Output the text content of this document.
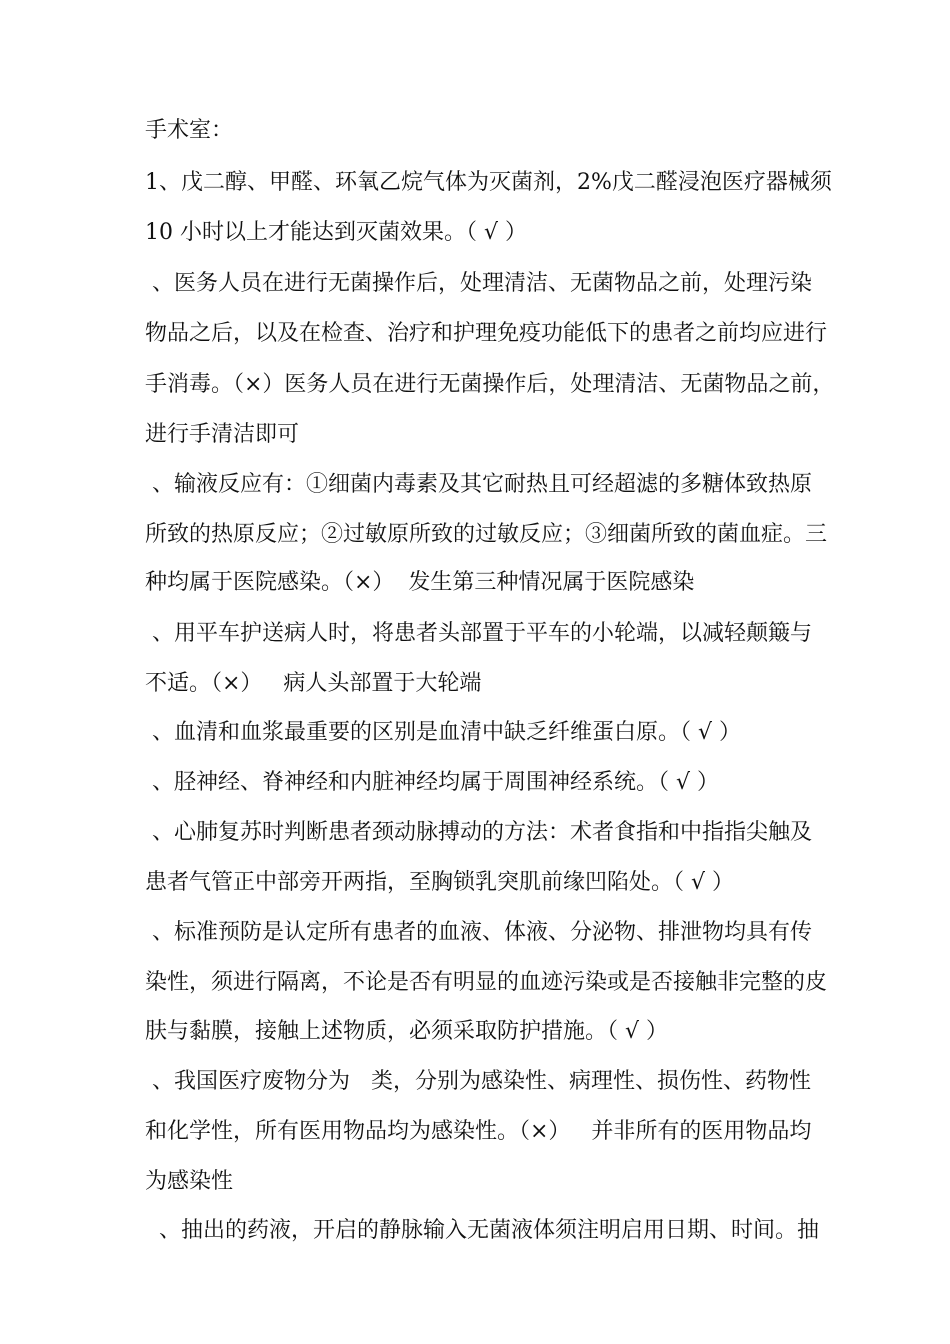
手术室：
1、戊二醇、甲醛、环氧乙烷气体为灭菌剂，2%戊二醛浸泡医疗器械须
10 小时以上才能达到灭菌效果。（ √ ）
、医务人员在进行无菌操作后，处理清洁、无菌物品之前，处理污染
物品之后，以及在检查、治疗和护理免疫功能低下的患者之前均应进行
手消毒。（×）医务人员在进行无菌操作后，处理清洁、无菌物品之前，
进行手清洁即可
、输液反应有：①细菌内毒素及其它耐热且可经超滤的多糖体致热原
所致的热原反应；②过敏原所致的过敏反应；③细菌所致的菌血症。三
种均属于医院感染。（×）  发生第三种情况属于医院感染
、用平车护送病人时，将患者头部置于平车的小轮端，以减轻颠簸与
不适。（×）   病人头部置于大轮端
、血清和血浆最重要的区别是血清中缺乏纤维蛋白原。（ √ ）
、胫神经、脊神经和内脏神经均属于周围神经系统。（ √ ）
、心肺复苏时判断患者颈动脉搏动的方法：术者食指和中指指尖触及
患者气管正中部旁开两指，至胸锁乳突肌前缘凹陷处。（ √ ）
、标准预防是认定所有患者的血液、体液、分泌物、排泄物均具有传
染性，须进行隔离，不论是否有明显的血迹污染或是否接触非完整的皮
肤与黏膜，接触上述物质，必须采取防护措施。（ √ ）
、我国医疗废物分为   类，分别为感染性、病理性、损伤性、药物性
和化学性，所有医用物品均为感染性。（×）   并非所有的医用物品均
为感染性
、抽出的药液，开启的静脉输入无菌液体须注明启用日期、时间。抽
